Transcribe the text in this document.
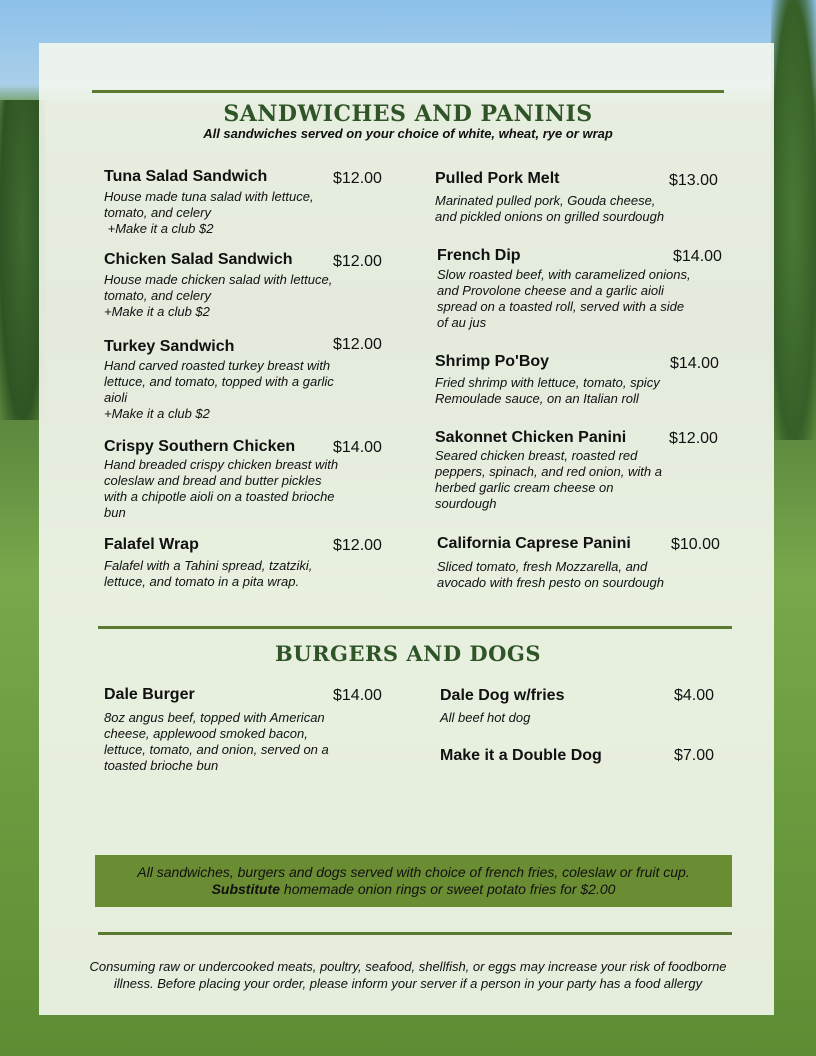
SANDWICHES AND PANINIS
All sandwiches served on your choice of white, wheat, rye or wrap
Tuna Salad Sandwich	$12.00
House made tuna salad with lettuce,
tomato, and celery
+Make it a club $2
Chicken Salad Sandwich	$12.00
House made chicken salad with lettuce,
tomato, and celery
+Make it a club $2
Turkey Sandwich	$12.00
Hand carved roasted turkey breast with
lettuce, and tomato, topped with a garlic
aioli
+Make it a club $2
Crispy Southern Chicken $14.00
Hand breaded crispy chicken breast with
coleslaw and bread and butter pickles
with a chipotle aioli on a toasted brioche
bun
Falafel Wrap	$12.00
Falafel with a Tahini spread, tzatziki,
lettuce, and tomato in a pita wrap.
Pulled Pork Melt	$13.00
Marinated pulled pork, Gouda cheese,
and pickled onions on grilled sourdough
French Dip	$14.00
Slow roasted beef, with caramelized onions,
and Provolone cheese and a garlic aioli
spread on a toasted roll, served with a side
of au jus
Shrimp Po'Boy	$14.00
Fried shrimp with lettuce, tomato, spicy
Remoulade sauce, on an Italian roll
Sakonnet Chicken Panini	$12.00
Seared chicken breast, roasted red
peppers, spinach, and red onion, with a
herbed garlic cream cheese on
sourdough
California Caprese Panini	$10.00
Sliced tomato, fresh Mozzarella, and
avocado with fresh pesto on sourdough
BURGERS AND DOGS
Dale Burger	$14.00
8oz angus beef, topped with American
cheese, applewood smoked bacon,
lettuce, tomato, and onion, served on a
toasted brioche bun
Dale Dog w/fries	$4.00
All beef hot dog
Make it a Double Dog	$7.00
All sandwiches, burgers and dogs served with choice of french fries, coleslaw or fruit cup.
Substitute homemade onion rings or sweet potato fries for $2.00
Consuming raw or undercooked meats, poultry, seafood, shellfish, or eggs may increase your risk of foodborne
illness. Before placing your order, please inform your server if a person in your party has a food allergy
